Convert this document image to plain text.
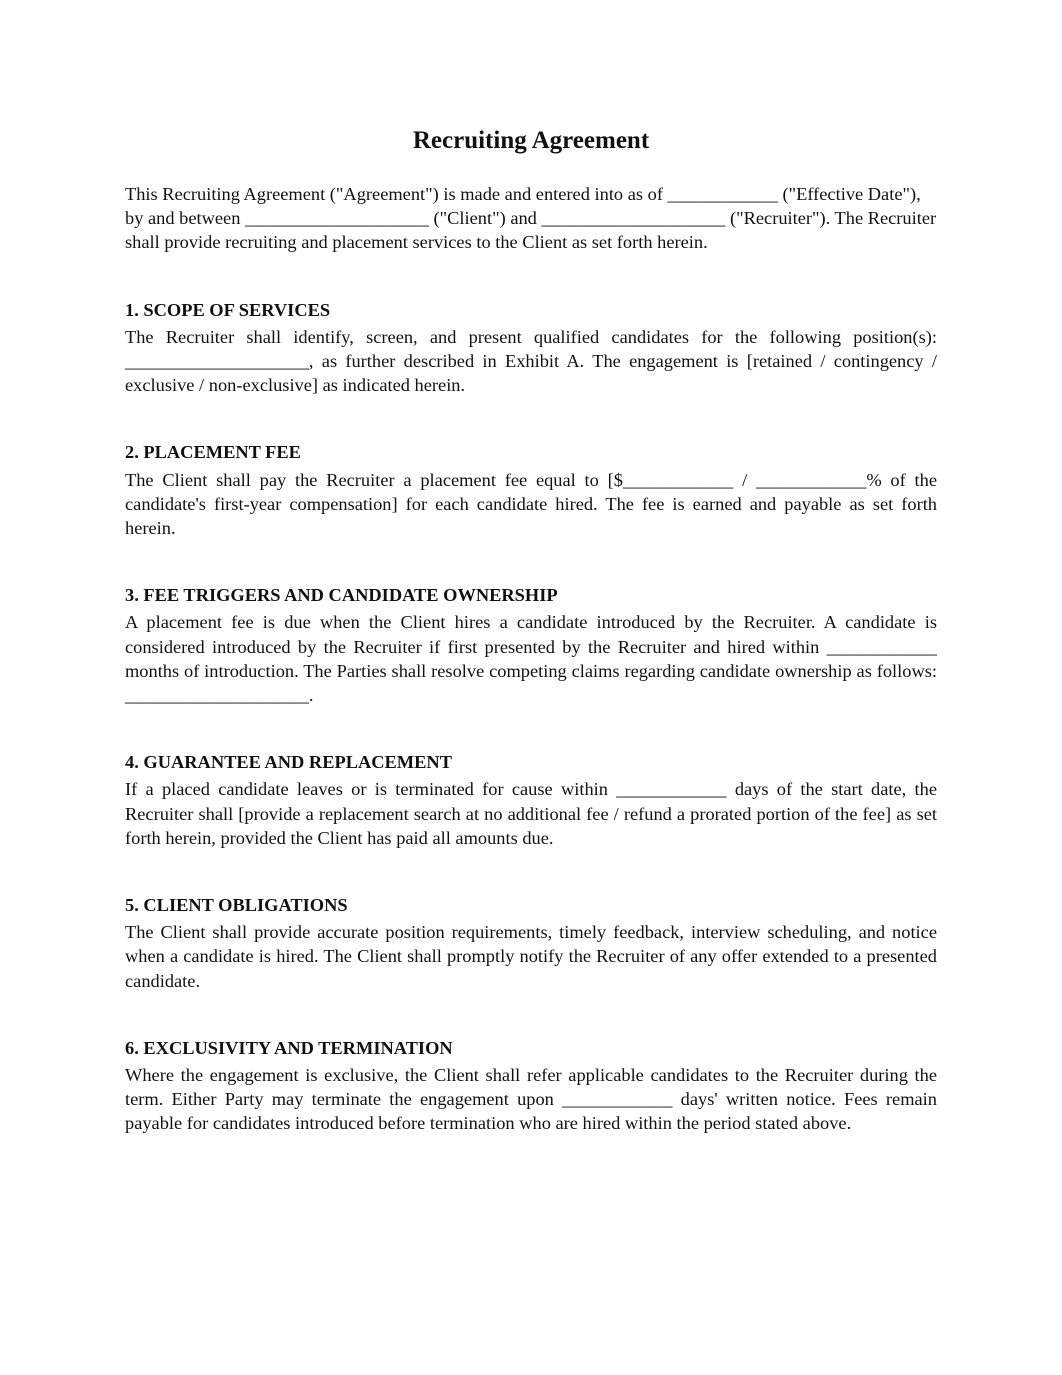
Recruiting Agreement

This Recruiting Agreement ("Agreement") is made and entered into as of ____________ ("Effective Date"), by and between ____________________ ("Client") and ____________________ ("Recruiter"). The Recruiter shall provide recruiting and placement services to the Client as set forth herein.

1. SCOPE OF SERVICES

The Recruiter shall identify, screen, and present qualified candidates for the following position(s): ____________________, as further described in Exhibit A. The engagement is [retained / contingency / exclusive / non-exclusive] as indicated herein.

2. PLACEMENT FEE

The Client shall pay the Recruiter a placement fee equal to [$____________ / ____________% of the candidate's first-year compensation] for each candidate hired. The fee is earned and payable as set forth herein.

3. FEE TRIGGERS AND CANDIDATE OWNERSHIP

A placement fee is due when the Client hires a candidate introduced by the Recruiter. A candidate is considered introduced by the Recruiter if first presented by the Recruiter and hired within ____________ months of introduction. The Parties shall resolve competing claims regarding candidate ownership as follows: ____________________.

4. GUARANTEE AND REPLACEMENT

If a placed candidate leaves or is terminated for cause within ____________ days of the start date, the Recruiter shall [provide a replacement search at no additional fee / refund a prorated portion of the fee] as set forth herein, provided the Client has paid all amounts due.

5. CLIENT OBLIGATIONS

The Client shall provide accurate position requirements, timely feedback, interview scheduling, and notice when a candidate is hired. The Client shall promptly notify the Recruiter of any offer extended to a presented candidate.

6. EXCLUSIVITY AND TERMINATION

Where the engagement is exclusive, the Client shall refer applicable candidates to the Recruiter during the term. Either Party may terminate the engagement upon ____________ days' written notice. Fees remain payable for candidates introduced before termination who are hired within the period stated above.
